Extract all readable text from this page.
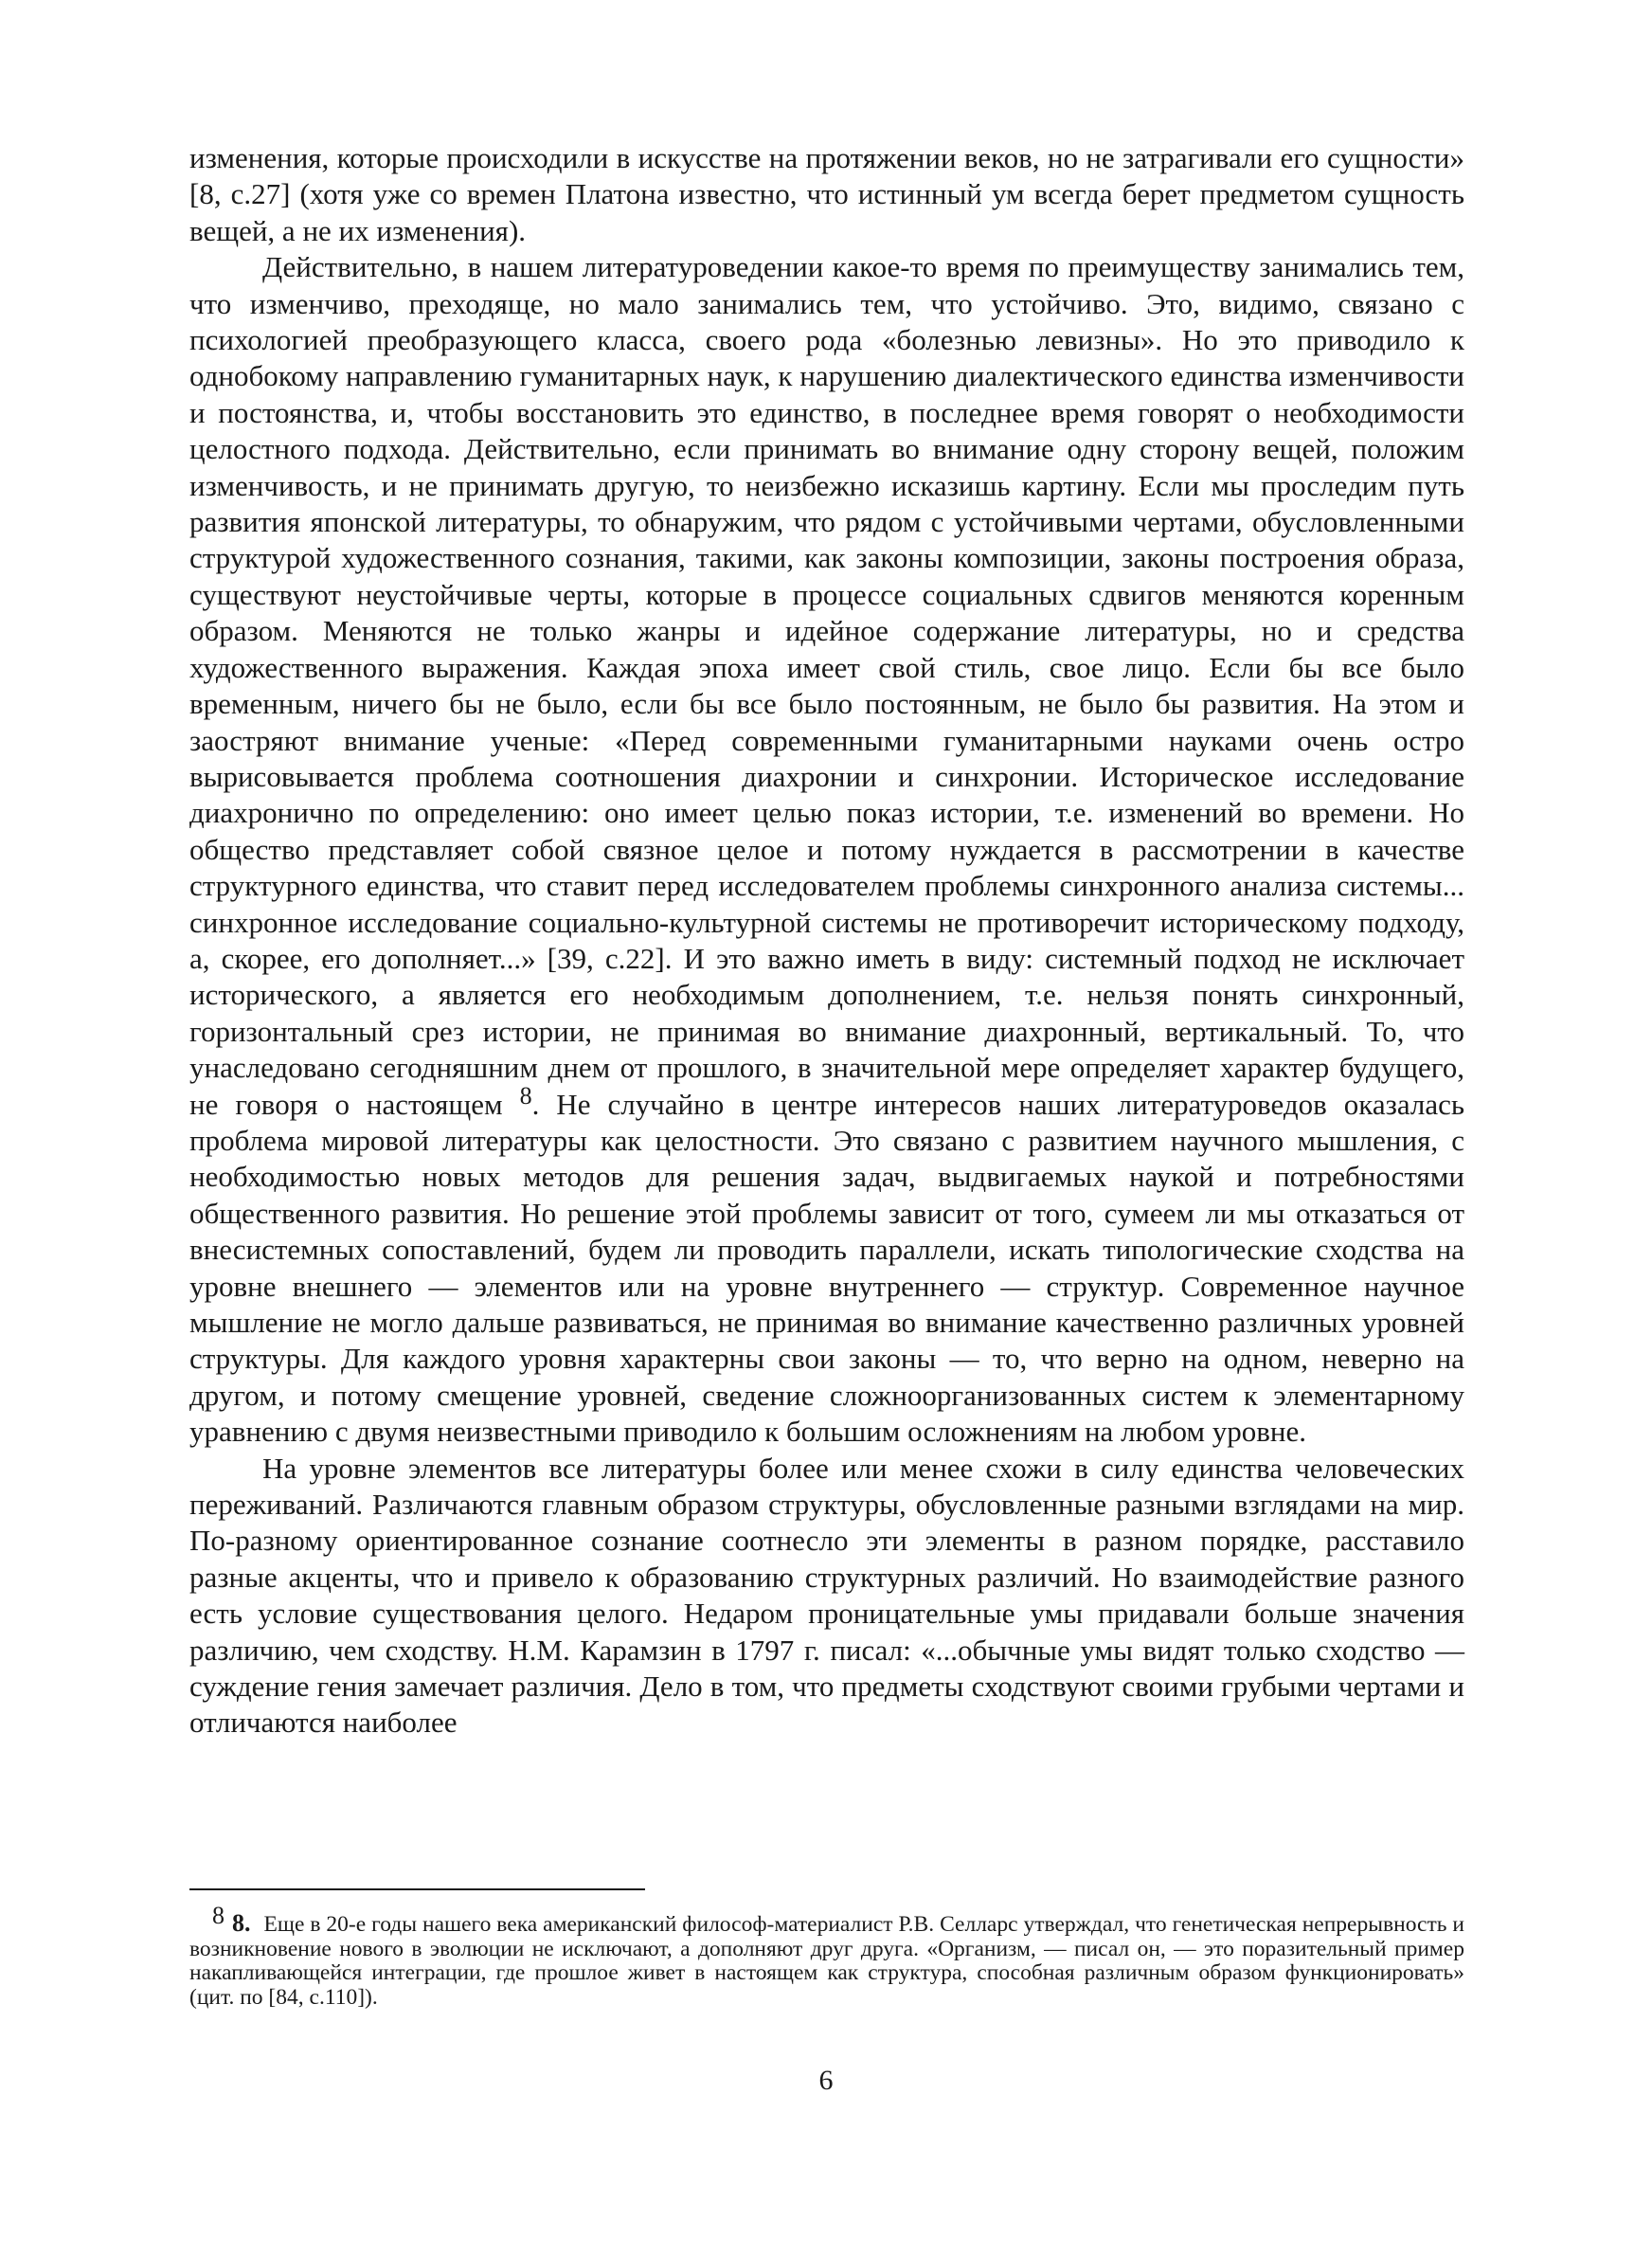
изменения, которые происходили в искусстве на протяжении веков, но не затрагивали его сущности» [8, с.27] (хотя уже со времен Платона известно, что истинный ум всегда берет предметом сущность вещей, а не их изменения).

Действительно, в нашем литературоведении какое-то время по преимуществу занимались тем, что изменчиво, преходяще, но мало занимались тем, что устойчиво. Это, видимо, связано с психологией преобразующего класса, своего рода «болезнью левизны». Но это приводило к однобокому направлению гуманитарных наук, к нарушению диалектического единства изменчивости и постоянства, и, чтобы восстановить это единство, в последнее время говорят о необходимости целостного подхода. Действительно, если принимать во внимание одну сторону вещей, положим изменчивость, и не принимать другую, то неизбежно исказишь картину. Если мы проследим путь развития японской литературы, то обнаружим, что рядом с устойчивыми чертами, обусловленными структурой художественного сознания, такими, как законы композиции, законы построения образа, существуют неустойчивые черты, которые в процессе социальных сдвигов меняются коренным образом. Меняются не только жанры и идейное содержание литературы, но и средства художественного выражения. Каждая эпоха имеет свой стиль, свое лицо. Если бы все было временным, ничего бы не было, если бы все было постоянным, не было бы развития. На этом и заостряют внимание ученые: «Перед современными гуманитарными науками очень остро вырисовывается проблема соотношения диахронии и синхронии. Историческое исследование диахронично по определению: оно имеет целью показ истории, т.е. изменений во времени. Но общество представляет собой связное целое и потому нуждается в рассмотрении в качестве структурного единства, что ставит перед исследователем проблемы синхронного анализа системы... синхронное исследование социально-культурной системы не противоречит историческому подходу, а, скорее, его дополняет...» [39, с.22]. И это важно иметь в виду: системный подход не исключает исторического, а является его необходимым дополнением, т.е. нельзя понять синхронный, горизонтальный срез истории, не принимая во внимание диахронный, вертикальный. То, что унаследовано сегодняшним днем от прошлого, в значительной мере определяет характер будущего, не говоря о настоящем $^8$. Не случайно в центре интересов наших литературоведов оказалась проблема мировой литературы как целостности. Это связано с развитием научного мышления, с необходимостью новых методов для решения задач, выдвигаемых наукой и потребностями общественного развития. Но решение этой проблемы зависит от того, сумеем ли мы отказаться от внесистемных сопоставлений, будем ли проводить параллели, искать типологические сходства на уровне внешнего — элементов или на уровне внутреннего — структур. Современное научное мышление не могло дальше развиваться, не принимая во внимание качественно различных уровней структуры. Для каждого уровня характерны свои законы — то, что верно на одном, неверно на другом, и потому смещение уровней, сведение сложноорганизованных систем к элементарному уравнению с двумя неизвестными приводило к большим осложнениям на любом уровне.

На уровне элементов все литературы более или менее схожи в силу единства человеческих переживаний. Различаются главным образом структуры, обусловленные разными взглядами на мир. По-разному ориентированное сознание соотнесло эти элементы в разном порядке, расставило разные акценты, что и привело к образованию структурных различий. Но взаимодействие разного есть условие существования целого. Недаром проницательные умы придавали больше значения различию, чем сходству. Н.М. Карамзин в 1797 г. писал: «...обычные умы видят только сходство — суждение гения замечает различия. Дело в том, что предметы сходствуют своими грубыми чертами и отличаются наиболее

8 8. Еще в 20-е годы нашего века американский философ-материалист Р.В. Селларс утверждал, что генетическая непрерывность и возникновение нового в эволюции не исключают, а дополняют друг друга. «Организм, — писал он, — это поразительный пример накапливающейся интеграции, где прошлое живет в настоящем как структура, способная различным образом функционировать» (цит. по [84, с.110]).

6
